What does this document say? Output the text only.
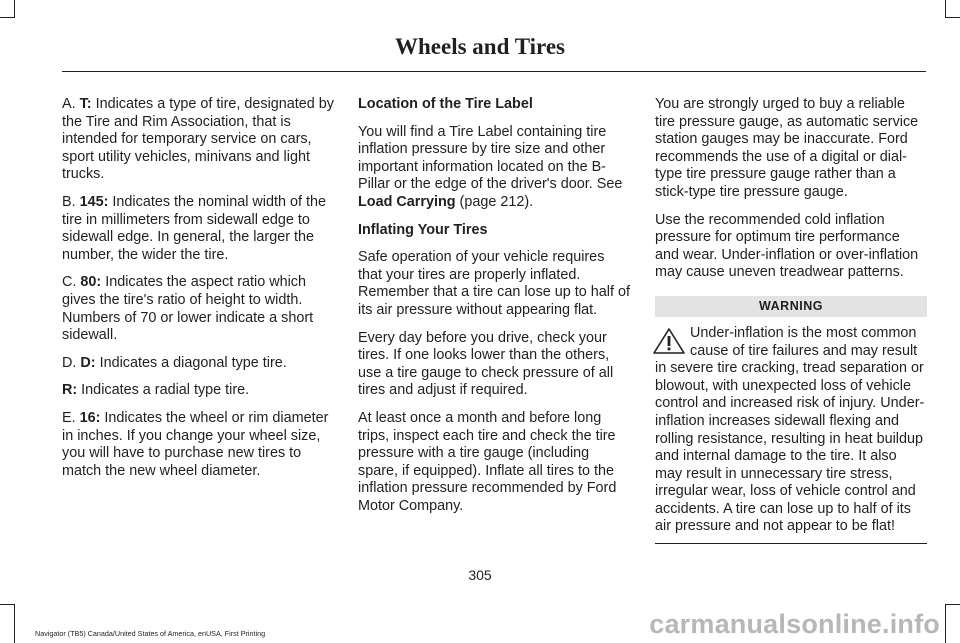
Wheels and Tires

A. T: Indicates a type of tire, designated by the Tire and Rim Association, that is intended for temporary service on cars, sport utility vehicles, minivans and light trucks.

B. 145: Indicates the nominal width of the tire in millimeters from sidewall edge to sidewall edge. In general, the larger the number, the wider the tire.

C. 80: Indicates the aspect ratio which gives the tire's ratio of height to width. Numbers of 70 or lower indicate a short sidewall.

D. D: Indicates a diagonal type tire.

R: Indicates a radial type tire.

E. 16: Indicates the wheel or rim diameter in inches. If you change your wheel size, you will have to purchase new tires to match the new wheel diameter.

Location of the Tire Label

You will find a Tire Label containing tire inflation pressure by tire size and other important information located on the B-Pillar or the edge of the driver's door. See Load Carrying (page 212).

Inflating Your Tires

Safe operation of your vehicle requires that your tires are properly inflated. Remember that a tire can lose up to half of its air pressure without appearing flat.

Every day before you drive, check your tires. If one looks lower than the others, use a tire gauge to check pressure of all tires and adjust if required.

At least once a month and before long trips, inspect each tire and check the tire pressure with a tire gauge (including spare, if equipped). Inflate all tires to the inflation pressure recommended by Ford Motor Company.

You are strongly urged to buy a reliable tire pressure gauge, as automatic service station gauges may be inaccurate. Ford recommends the use of a digital or dial-type tire pressure gauge rather than a stick-type tire pressure gauge.

Use the recommended cold inflation pressure for optimum tire performance and wear. Under-inflation or over-inflation may cause uneven treadwear patterns.

WARNING
Under-inflation is the most common cause of tire failures and may result in severe tire cracking, tread separation or blowout, with unexpected loss of vehicle control and increased risk of injury. Under-inflation increases sidewall flexing and rolling resistance, resulting in heat buildup and internal damage to the tire. It also may result in unnecessary tire stress, irregular wear, loss of vehicle control and accidents. A tire can lose up to half of its air pressure and not appear to be flat!
305
Navigator (TB5) Canada/United States of America, enUSA, First Printing	carmanualsonline.info
